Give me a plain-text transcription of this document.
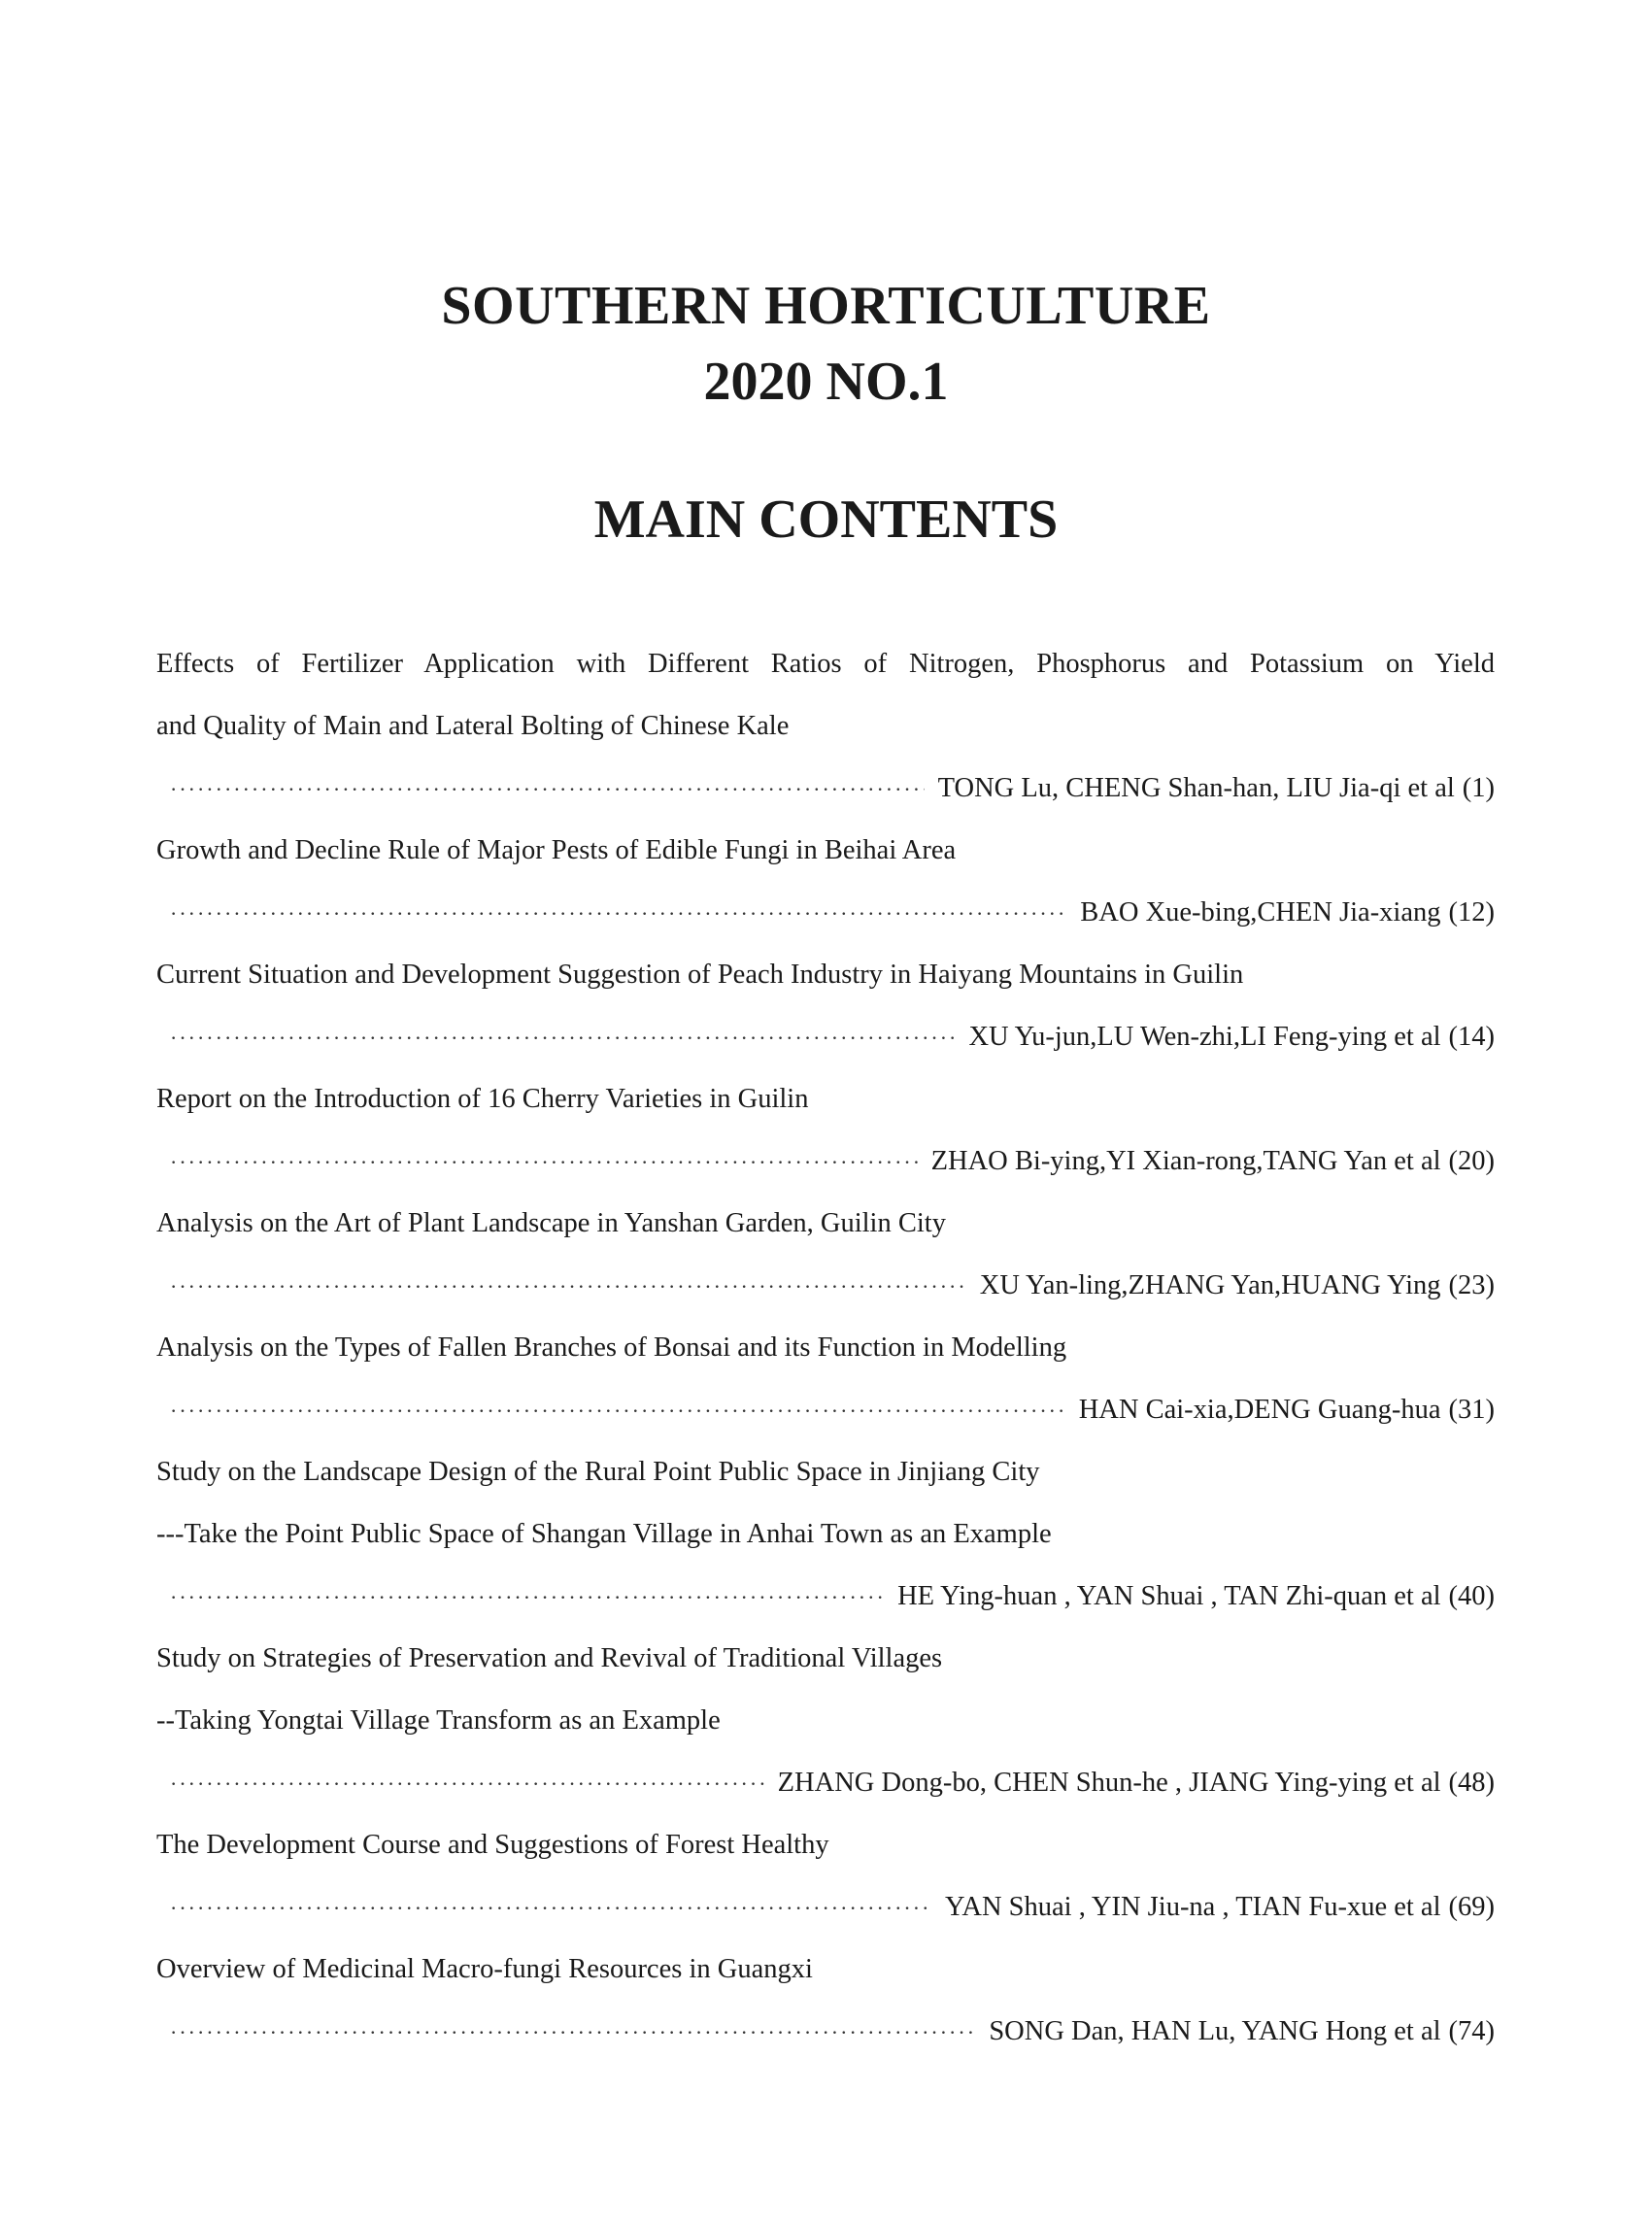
SOUTHERN HORTICULTURE
2020 NO.1
MAIN CONTENTS
Effects of Fertilizer Application with Different Ratios of Nitrogen, Phosphorus and Potassium on Yield
and Quality of Main and Lateral Bolting of Chinese Kale
·····
TONG Lu, CHENG Shan-han, LIU Jia-qi et al (1)
Growth and Decline Rule of Major Pests of Edible Fungi in Beihai Area
·····
BAO Xue-bing,CHEN Jia-xiang (12)
Current Situation and Development Suggestion of Peach Industry in Haiyang Mountains in Guilin
·····
XU Yu-jun,LU Wen-zhi,LI Feng-ying et al (14)
Report on the Introduction of 16 Cherry Varieties in Guilin
·····
ZHAO Bi-ying,YI Xian-rong,TANG Yan et al (20)
Analysis on the Art of Plant Landscape in Yanshan Garden, Guilin City
·····
XU Yan-ling,ZHANG Yan,HUANG Ying (23)
Analysis on the Types of Fallen Branches of Bonsai and its Function in Modelling
·····
HAN Cai-xia,DENG Guang-hua (31)
Study on the Landscape Design of the Rural Point Public Space in Jinjiang City
---Take the Point Public Space of Shangan Village in Anhai Town as an Example
·····
HE Ying-huan , YAN Shuai , TAN Zhi-quan et al (40)
Study on Strategies of Preservation and Revival of Traditional Villages
--Taking Yongtai Village Transform as an Example
·····
ZHANG Dong-bo, CHEN Shun-he , JIANG Ying-ying et al (48)
The Development Course and Suggestions of Forest Healthy
·····
YAN Shuai , YIN Jiu-na , TIAN Fu-xue et al (69)
Overview of Medicinal Macro-fungi Resources in Guangxi
·····
SONG Dan, HAN Lu, YANG Hong et al (74)
